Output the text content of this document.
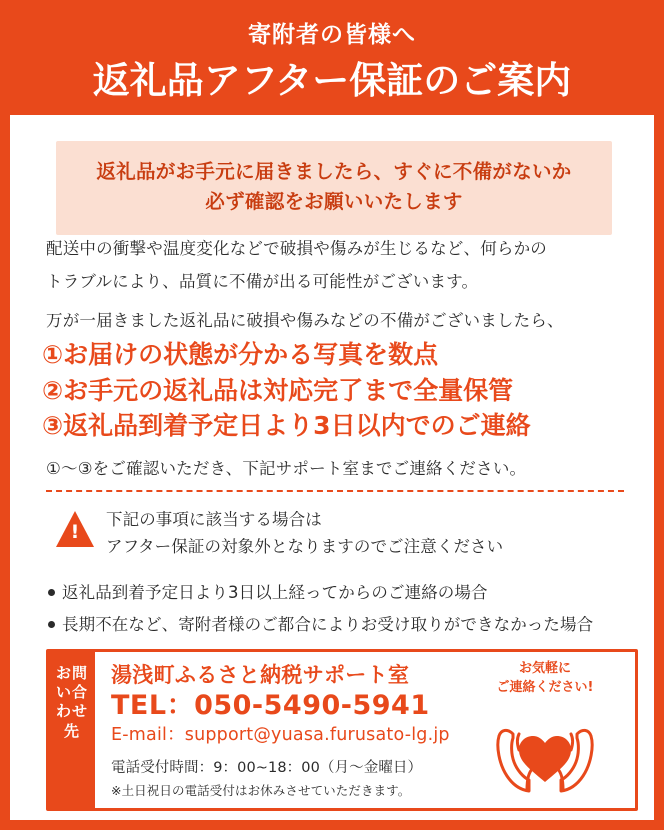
寄附者の皆様へ
返礼品アフター保証のご案内
返礼品がお手元に届きましたら、すぐに不備がないか
必ず確認をお願いいたします

配送中の衝撃や温度変化などで破損や傷みが生じるなど、何らかの

トラブルにより、品質に不備が出る可能性がございます。

万が一届きました返礼品に破損や傷みなどの不備がございましたら、

①お届けの状態が分かる写真を数点
②お手元の返礼品は対応完了まで全量保管
③返礼品到着予定日より3日以内でのご連絡
①〜③をご確認いただき、下記サポート室までご連絡ください。
!
下記の事項に該当する場合は
アフター保証の対象外となりますのでご注意ください
返礼品到着予定日より3日以上経ってからのご連絡の場合
長期不在など、寄附者様のご都合によりお受け取りができなかった場合
お問い合わせ先
湯浅町ふるさと納税サポート室
TEL：050-5490-5941
E-mail：support@yuasa.furusato-lg.jp
電話受付時間：9：00~18：00（月～金曜日）
※土日祝日の電話受付はお休みさせていただきます。
お気軽に
ご連絡ください!
